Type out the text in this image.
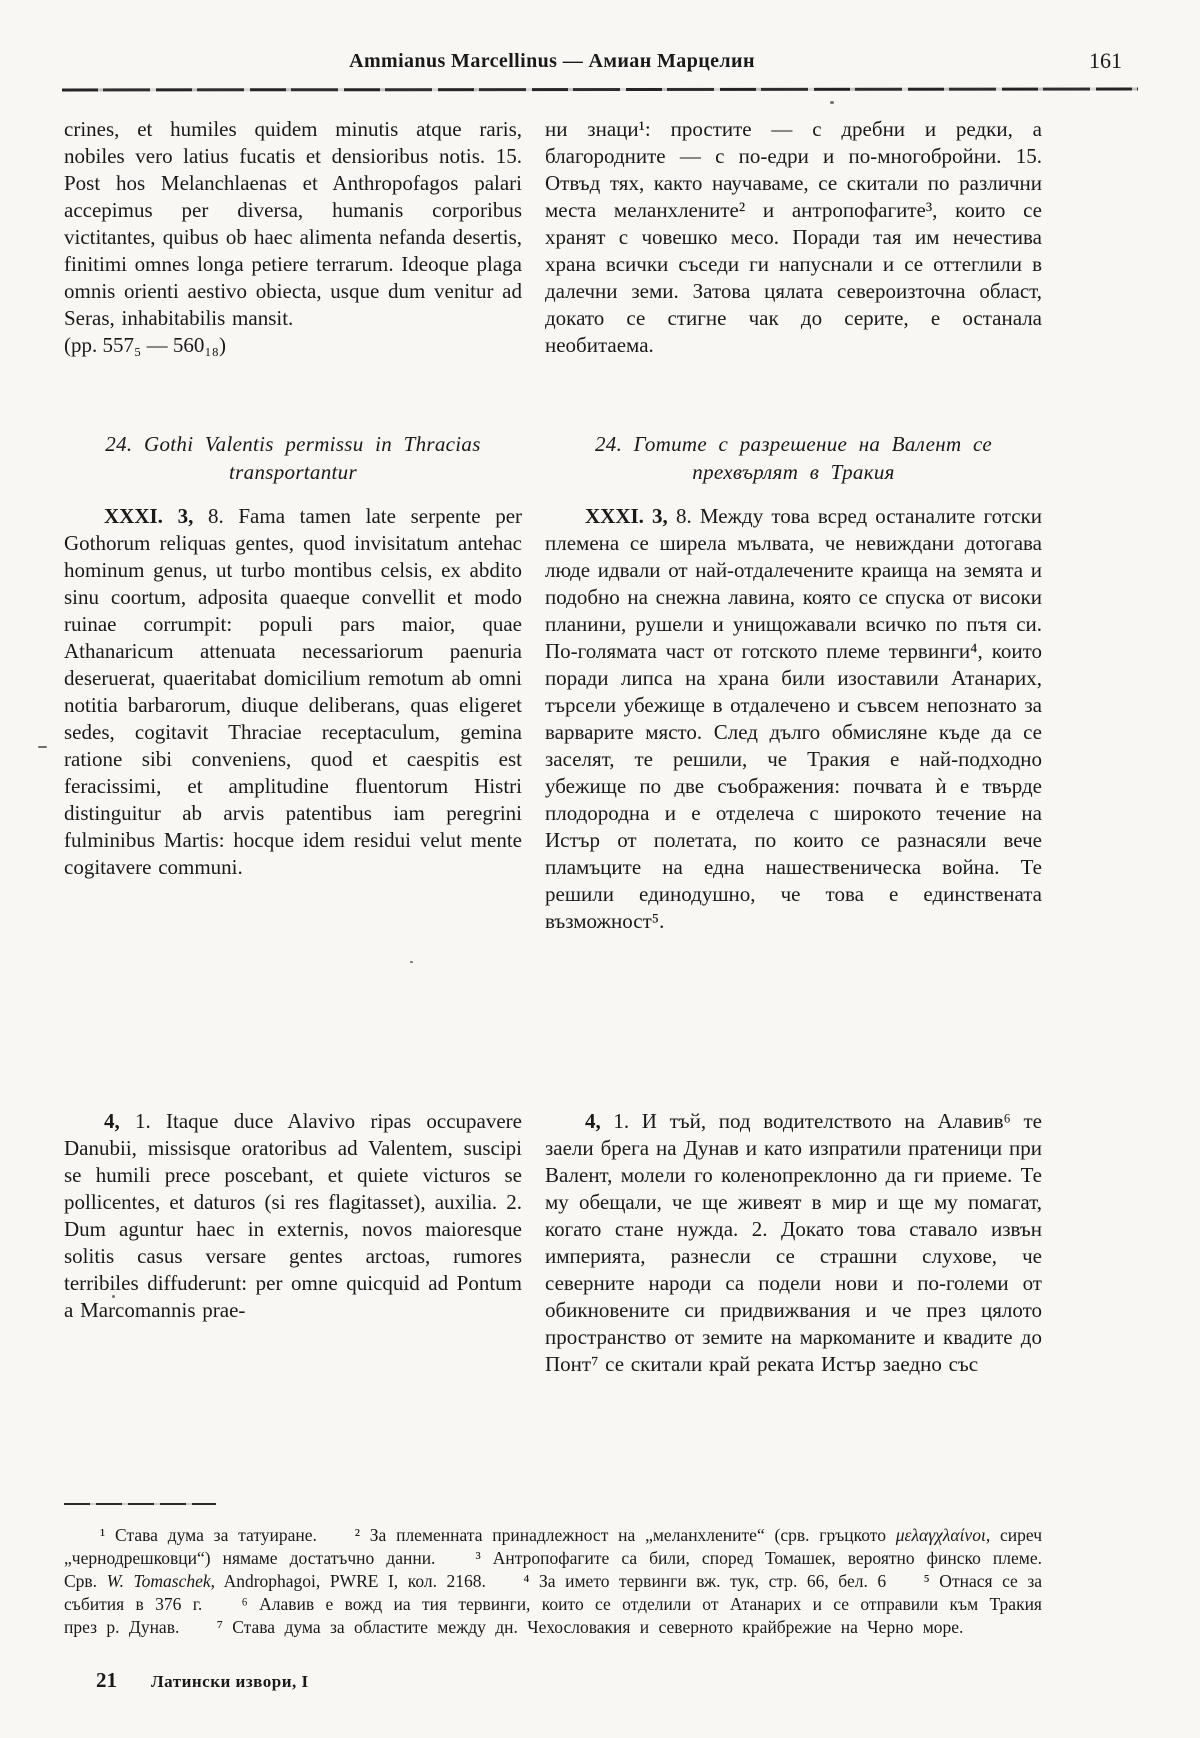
Ammianus Marcellinus — Амиан Марцелин	161

crines, et humiles quidem minutis atque raris, nobiles vero latius fucatis et densioribus notis. 15. Post hos Melanchlaenas et Anthropofagos palari accepimus per diversa, humanis corporibus victitantes, quibus ob haec alimenta nefanda desertis, finitimi omnes longa petiere terrarum. Ideoque plaga omnis orienti aestivo obiecta, usque dum venitur ad Seras, inhabitabilis mansit.

(pp. 557₅ — 560₁₈)
24. Gothi Valentis permissu in Thracias
transportantur

XXXI. 3, 8. Fama tamen late serpente per Gothorum reliquas gentes, quod invisitatum antehac hominum genus, ut turbo montibus celsis, ex abdito sinu coortum, adposita quaeque convellit et modo ruinae corrumpit: populi pars maior, quae Athanaricum attenuata necessariorum paenuria deseruerat, quaeritabat domicilium remotum ab omni notitia barbarorum, diuque deliberans, quas eligeret sedes, cogitavit Thraciae receptaculum, gemina ratione sibi conveniens, quod et caespitis est feracissimi, et amplitudine fluentorum Histri distinguitur ab arvis patentibus iam peregrini fulminibus Martis: hocque idem residui velut mente cogitavere communi.

4, 1. Itaque duce Alavivo ripas occupavere Danubii, missisque oratoribus ad Valentem, suscipi se humili prece poscebant, et quiete victuros se pollicentes, et daturos (si res flagitasset), auxilia. 2. Dum aguntur haec in externis, novos maioresque solitis casus versare gentes arctoas, rumores terribiles diffuderunt: per omne quicquid ad Pontum a Marcomannis prae-

ни знаци¹: простите — с дребни и редки, а благородните — с по-едри и по-многобройни. 15. Отвъд тях, както научаваме, се скитали по различни места меланхлените² и антропофагите³, които се хранят с човешко месо. Поради тая им нечестива храна всички съседи ги напуснали и се оттеглили в далечни земи. Затова цялата североизточна област, докато се стигне чак до серите, е останала необитаема.

24. Готите с разрешение на Валент се
прехвърлят в Тракия

XXXI. 3, 8. Между това всред останалите готски племена се ширела мълвата, че невиждани дотогава люде идвали от най-отдалечените краища на земята и подобно на снежна лавина, която се спуска от високи планини, рушели и унищожавали всичко по пътя си. По-голямата част от готското племе тервинги⁴, които поради липса на храна били изоставили Атанарих, търсели убежище в отдалечено и съвсем непознато за варварите място. След дълго обмисляне къде да се заселят, те решили, че Тракия е най-подходно убежище по две съображения: почвата ѝ е твърде плодородна и е отделеча с широкото течение на Истър от полетата, по които се разнасяли вече пламъците на една нашественическа война. Те решили единодушно, че това е единствената възможност⁵.

4, 1. И тъй, под водителството на Алавив⁶ те заели брега на Дунав и като изпратили пратеници при Валент, молели го коленопреклонно да ги приеме. Те му обещали, че ще живеят в мир и ще му помагат, когато стане нужда. 2. Докато това ставало извън империята, разнесли се страшни слухове, че северните народи са подели нови и по-големи от обикновените си придвижвания и че през цялото пространство от земите на маркоманите и квадите до Понт⁷ се скитали край реката Истър заедно със

¹ Става дума за татуиране. ² За племенната принадлежност на „меланхлените“ (срв. гръцкото μελαγχλαίνοι, сиреч „чернодрешковци“) нямаме достатъчно данни. ³ Антропофагите са били, според Томашек, вероятно финско племе. Срв. W. Tomaschek, Androphagoi, PWRE I, кол. 2168. ⁴ За името тервинги вж. тук, стр. 66, бел. 6 ⁵ Отнася се за събития в 376 г. ⁶ Алавив е вожд иа тия тервинги, които се отделили от Атанарих и се отправили към Тракия през р. Дунав. ⁷ Става дума за областите между дн. Чехословакия и северното крайбрежие на Черно море.
21 Латински извори, I
